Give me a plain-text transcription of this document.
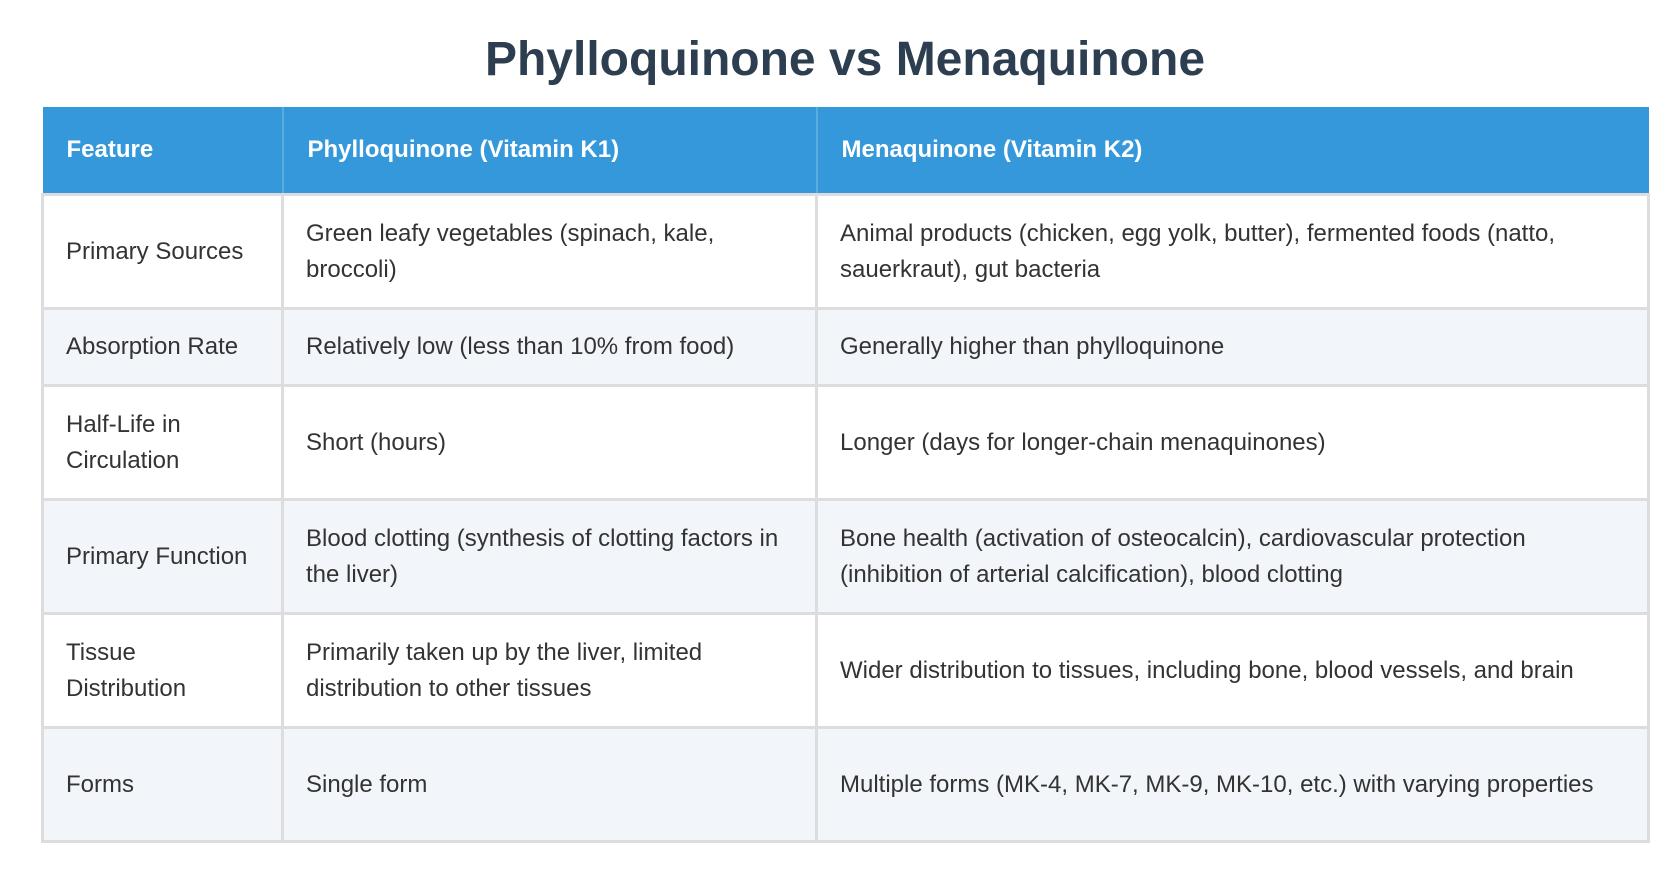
Phylloquinone vs Menaquinone
Feature	Phylloquinone (Vitamin K1)	Menaquinone (Vitamin K2)
Primary Sources	Green leafy vegetables (spinach, kale, broccoli)	Animal products (chicken, egg yolk, butter), fermented foods (natto, sauerkraut), gut bacteria
Absorption Rate	Relatively low (less than 10% from food)	Generally higher than phylloquinone
Half-Life in Circulation	Short (hours)	Longer (days for longer-chain menaquinones)
Primary Function	Blood clotting (synthesis of clotting factors in the liver)	Bone health (activation of osteocalcin), cardiovascular protection (inhibition of arterial calcification), blood clotting
Tissue Distribution	Primarily taken up by the liver, limited distribution to other tissues	Wider distribution to tissues, including bone, blood vessels, and brain
Forms	Single form	Multiple forms (MK-4, MK-7, MK-9, MK-10, etc.) with varying properties
